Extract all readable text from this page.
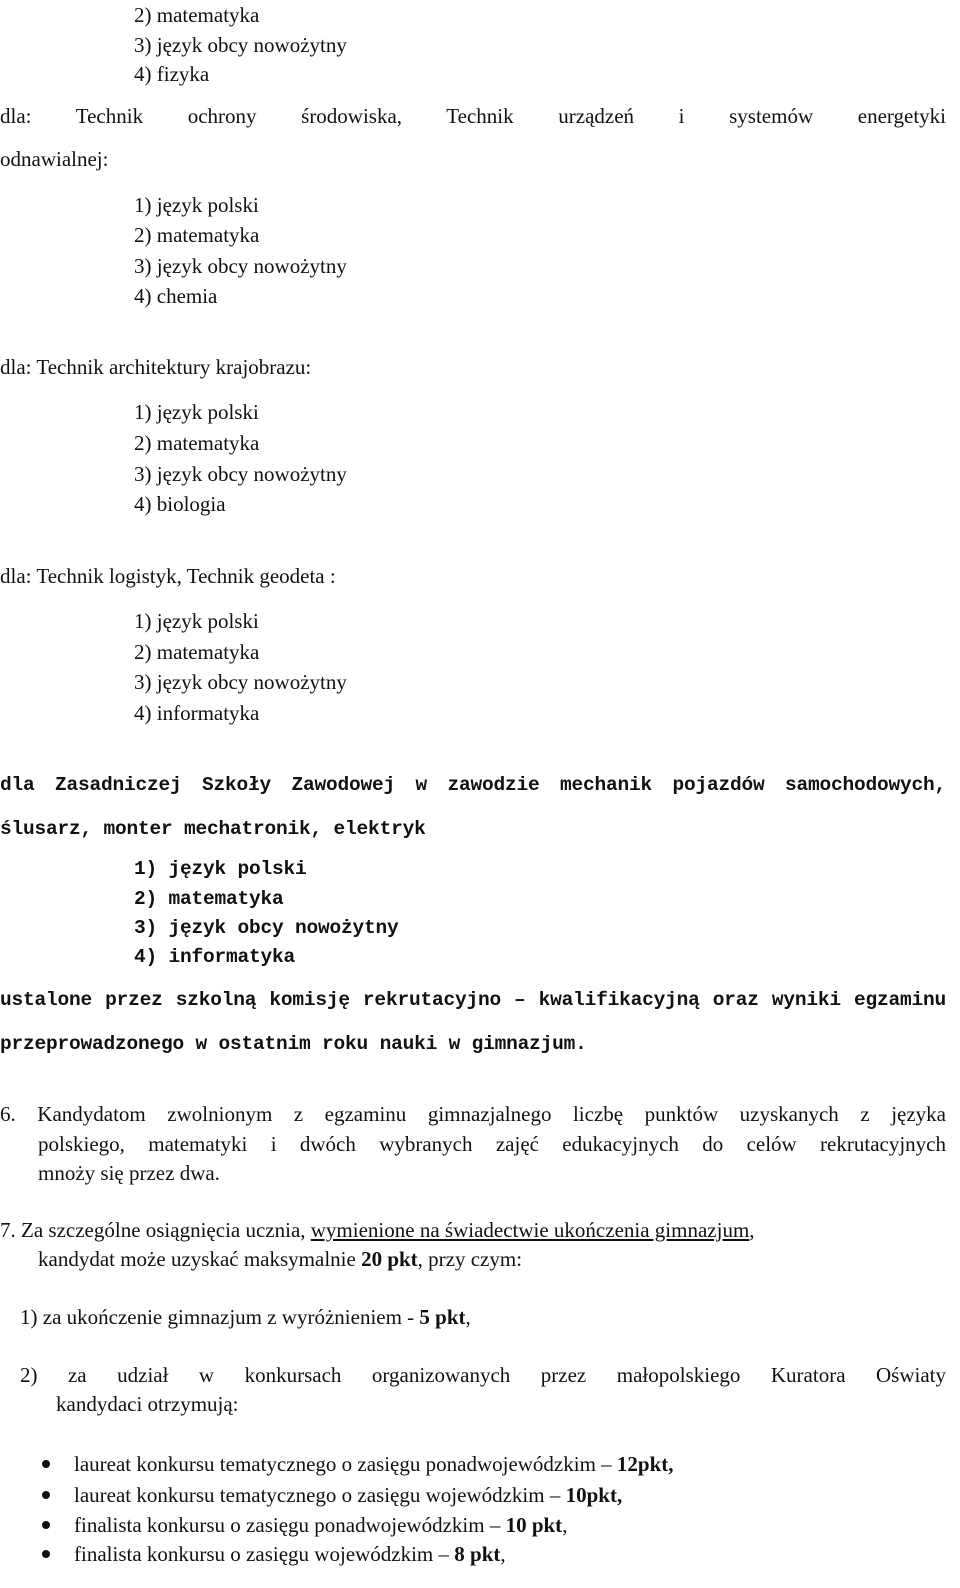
2) matematyka
3) język obcy nowożytny
4) fizyka
dla: Technik ochrony środowiska, Technik urządzeń i systemów energetyki
odnawialnej:
1) język polski
2) matematyka
3) język obcy nowożytny
4) chemia
dla: Technik architektury krajobrazu:
1) język polski
2) matematyka
3) język obcy nowożytny
4) biologia
dla: Technik logistyk, Technik geodeta :
1) język polski
2) matematyka
3) język obcy nowożytny
4) informatyka
dla Zasadniczej Szkoły Zawodowej w zawodzie mechanik pojazdów samochodowych,
ślusarz, monter mechatronik, elektryk
1) język polski
2) matematyka
3) język obcy nowożytny
4) informatyka
ustalone przez szkolną komisję rekrutacyjno – kwalifikacyjną oraz wyniki egzaminu
przeprowadzonego w ostatnim roku nauki w gimnazjum.
6. Kandydatom zwolnionym z egzaminu gimnazjalnego liczbę punktów uzyskanych z języka
polskiego, matematyki i dwóch wybranych zajęć edukacyjnych do celów rekrutacyjnych
mnoży się przez dwa.
7. Za szczególne osiągnięcia ucznia, wymienione na świadectwie ukończenia gimnazjum,
kandydat może uzyskać maksymalnie 20 pkt, przy czym:
1) za ukończenie gimnazjum z wyróżnieniem - 5 pkt,
2) za udział w konkursach organizowanych przez małopolskiego Kuratora Oświaty
kandydaci otrzymują:
laureat konkursu tematycznego o zasięgu ponadwojewódzkim – 12pkt,
laureat konkursu tematycznego o zasięgu wojewódzkim – 10pkt,
finalista konkursu o zasięgu ponadwojewódzkim – 10 pkt,
finalista konkursu o zasięgu wojewódzkim – 8 pkt,
